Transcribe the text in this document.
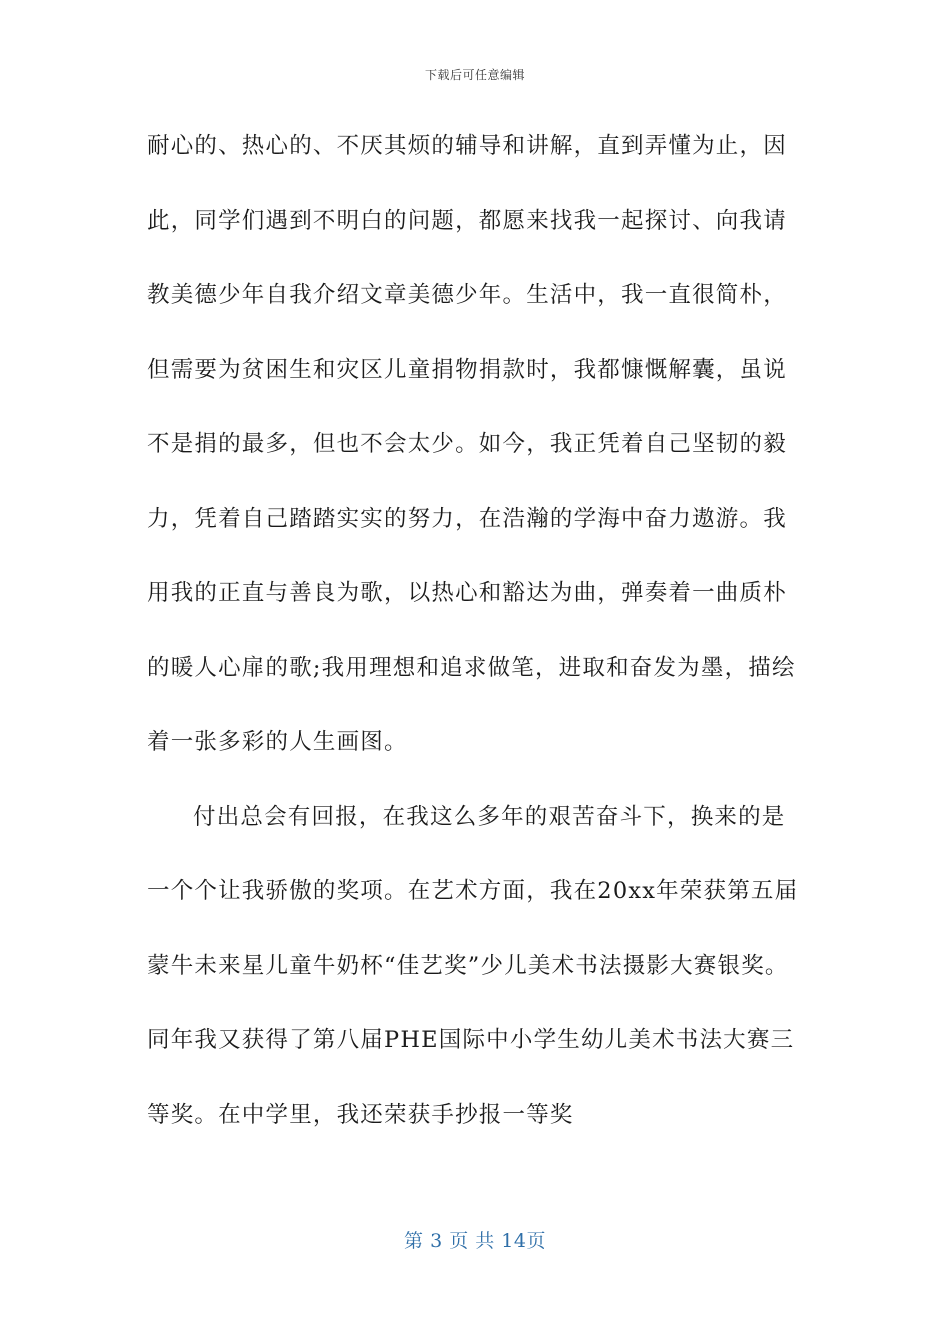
下载后可任意编辑
耐心的、热心的、不厌其烦的辅导和讲解，直到弄懂为止，因
此，同学们遇到不明白的问题，都愿来找我一起探讨、向我请
教美德少年自我介绍文章美德少年。生活中，我一直很简朴，
但需要为贫困生和灾区儿童捐物捐款时，我都慷慨解囊，虽说
不是捐的最多，但也不会太少。如今，我正凭着自己坚韧的毅
力，凭着自己踏踏实实的努力，在浩瀚的学海中奋力遨游。我
用我的正直与善良为歌，以热心和豁达为曲，弹奏着一曲质朴
的暖人心扉的歌;我用理想和追求做笔，进取和奋发为墨，描绘
着一张多彩的人生画图。
付出总会有回报，在我这么多年的艰苦奋斗下，换来的是
一个个让我骄傲的奖项。在艺术方面，我在20xx年荣获第五届
蒙牛未来星儿童牛奶杯“佳艺奖”少儿美术书法摄影大赛银奖。
同年我又获得了第八届PHE国际中小学生幼儿美术书法大赛三
等奖。在中学里，我还荣获手抄报一等奖
第 3 页 共 14页
